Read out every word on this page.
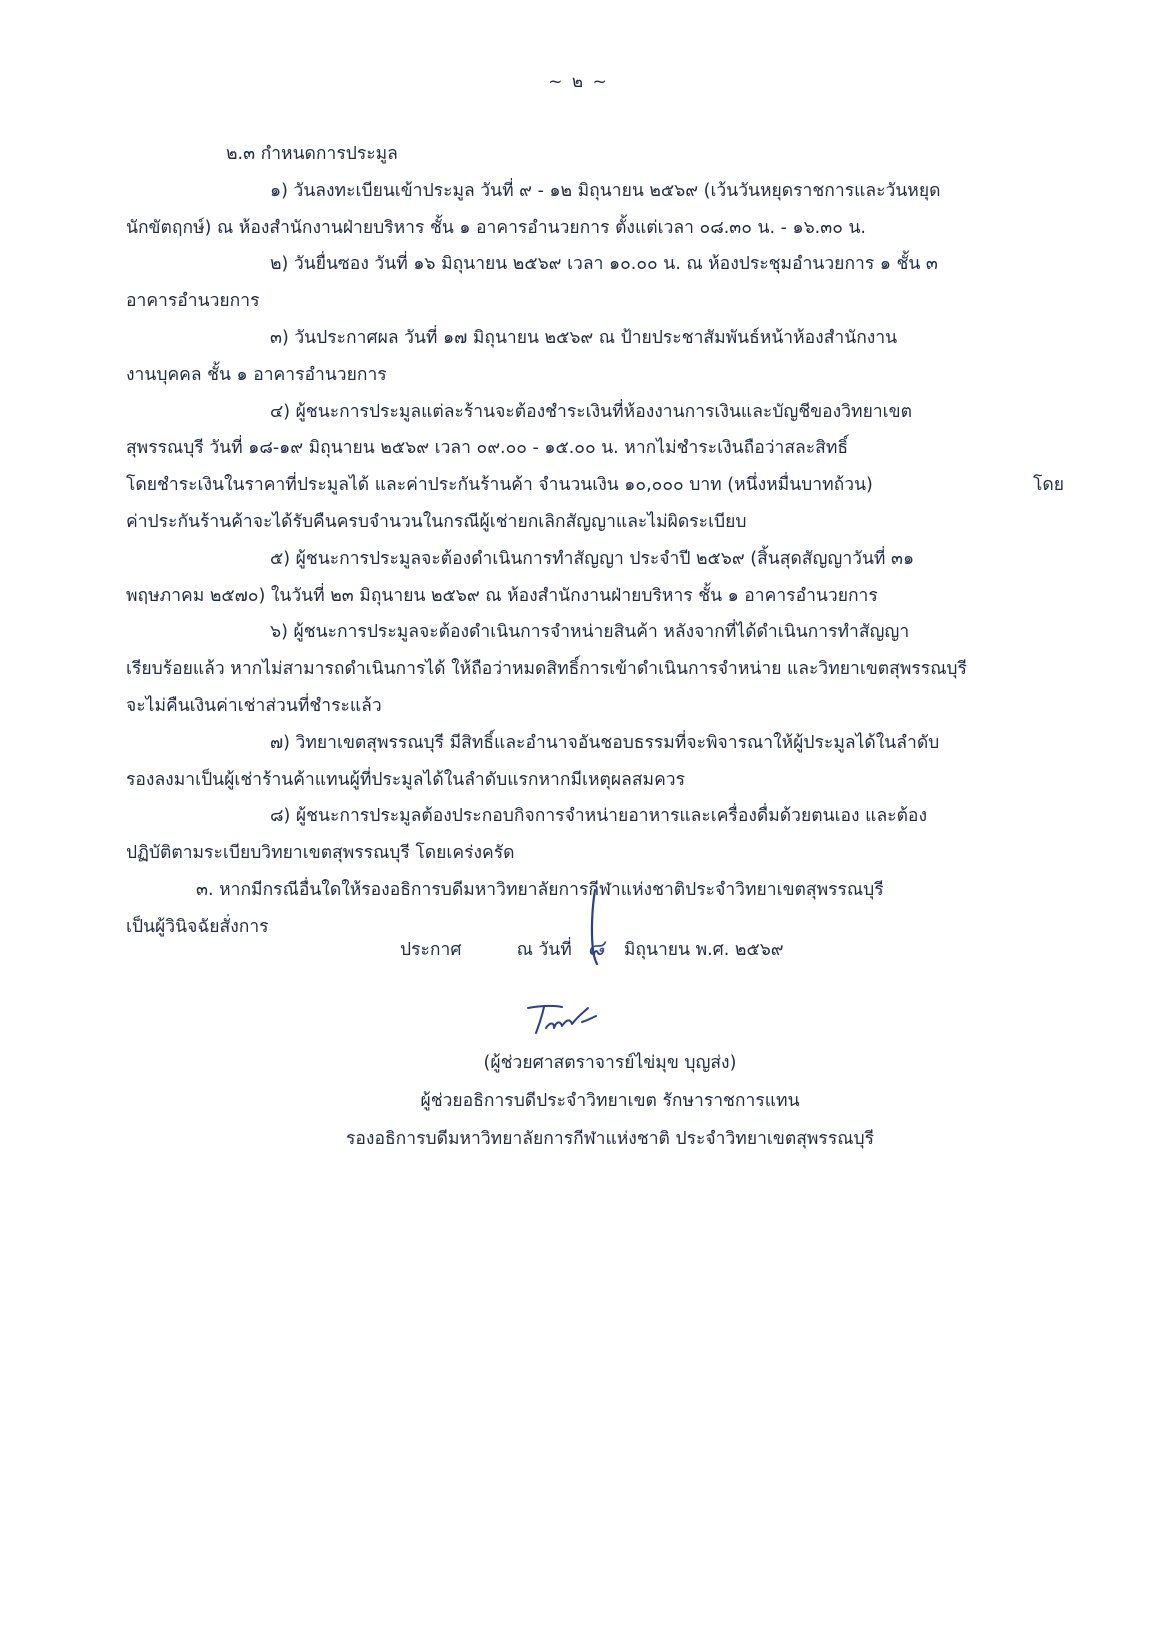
~ ๒ ~
๒.๓ กำหนดการประมูล
๑) วันลงทะเบียนเข้าประมูล วันที่ ๙ - ๑๒ มิถุนายน ๒๕๖๙ (เว้นวันหยุดราชการและวันหยุด
นักขัตฤกษ์) ณ ห้องสำนักงานฝ่ายบริหาร ชั้น ๑ อาคารอำนวยการ ตั้งแต่เวลา ๐๘.๓๐ น. - ๑๖.๓๐ น.
๒) วันยื่นซอง วันที่ ๑๖ มิถุนายน ๒๕๖๙ เวลา ๑๐.๐๐ น. ณ ห้องประชุมอำนวยการ ๑ ชั้น ๓
อาคารอำนวยการ
๓) วันประกาศผล วันที่ ๑๗ มิถุนายน ๒๕๖๙ ณ ป้ายประชาสัมพันธ์หน้าห้องสำนักงาน
งานบุคคล ชั้น ๑ อาคารอำนวยการ
๔) ผู้ชนะการประมูลแต่ละร้านจะต้องชำระเงินที่ห้องงานการเงินและบัญชีของวิทยาเขต
สุพรรณบุรี วันที่ ๑๘-๑๙ มิถุนายน ๒๕๖๙ เวลา ๐๙.๐๐ - ๑๕.๐๐ น. หากไม่ชำระเงินถือว่าสละสิทธิ์
โดยชำระเงินในราคาที่ประมูลได้ และค่าประกันร้านค้า จำนวนเงิน ๑๐,๐๐๐ บาท (หนึ่งหมื่นบาทถ้วน)	โดย
ค่าประกันร้านค้าจะได้รับคืนครบจำนวนในกรณีผู้เช่ายกเลิกสัญญาและไม่ผิดระเบียบ
๕) ผู้ชนะการประมูลจะต้องดำเนินการทำสัญญา ประจำปี ๒๕๖๙ (สิ้นสุดสัญญาวันที่ ๓๑
พฤษภาคม ๒๕๗๐) ในวันที่ ๒๓ มิถุนายน ๒๕๖๙ ณ ห้องสำนักงานฝ่ายบริหาร ชั้น ๑ อาคารอำนวยการ
๖) ผู้ชนะการประมูลจะต้องดำเนินการจำหน่ายสินค้า หลังจากที่ได้ดำเนินการทำสัญญา
เรียบร้อยแล้ว หากไม่สามารถดำเนินการได้ ให้ถือว่าหมดสิทธิ์การเข้าดำเนินการจำหน่าย และวิทยาเขตสุพรรณบุรี
จะไม่คืนเงินค่าเช่าส่วนที่ชำระแล้ว
๗) วิทยาเขตสุพรรณบุรี มีสิทธิ์และอำนาจอันชอบธรรมที่จะพิจารณาให้ผู้ประมูลได้ในลำดับ
รองลงมาเป็นผู้เช่าร้านค้าแทนผู้ที่ประมูลได้ในลำดับแรกหากมีเหตุผลสมควร
๘) ผู้ชนะการประมูลต้องประกอบกิจการจำหน่ายอาหารและเครื่องดื่มด้วยตนเอง และต้อง
ปฏิบัติตามระเบียบวิทยาเขตสุพรรณบุรี โดยเคร่งครัด
๓. หากมีกรณีอื่นใดให้รองอธิการบดีมหาวิทยาลัยการกีฬาแห่งชาติประจำวิทยาเขตสุพรรณบุรี
เป็นผู้วินิจฉัยสั่งการ
ประกาศ	ณ วันที่ ๘ มิถุนายน พ.ศ. ๒๕๖๙
(ผู้ช่วยศาสตราจารย์ไข่มุข บุญส่ง)
ผู้ช่วยอธิการบดีประจำวิทยาเขต รักษาราชการแทน
รองอธิการบดีมหาวิทยาลัยการกีฬาแห่งชาติ ประจำวิทยาเขตสุพรรณบุรี
